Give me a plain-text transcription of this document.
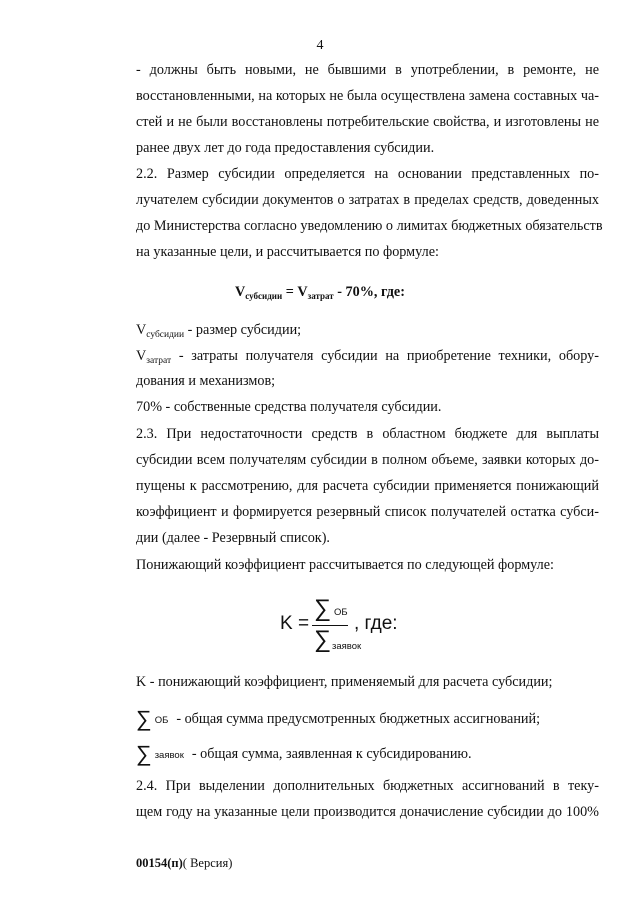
4
- должны быть новыми, не бывшими в употреблении, в ремонте, не
восстановленными, на которых не была осуществлена замена составных ча-
стей и не были восстановлены потребительские свойства, и изготовлены не
ранее двух лет до года предоставления субсидии.
2.2. Размер субсидии определяется на основании представленных по-
лучателем субсидии документов о затратах в пределах средств, доведенных
до Министерства согласно уведомлению о лимитах бюджетных обязательств
на указанные цели, и рассчитывается по формуле:
$V_{субсидии} = V_{затрат} - 70\%$, где:
$V_{субсидии}$ - размер субсидии;
$V_{затрат}$ - затраты получателя субсидии на приобретение техники, обору-
дования и механизмов;
70% - собственные средства получателя субсидии.
2.3. При недостаточности средств в областном бюджете для выплаты
субсидии всем получателям субсидии в полном объеме, заявки которых до-
пущены к рассмотрению, для расчета субсидии применяется понижающий
коэффициент и формируется резервный список получателей остатка субси-
дии (далее - Резервный список).
Понижающий коэффициент рассчитывается по следующей формуле:
K =
∑ ОБ
∑ заявок
, где:
K - понижающий коэффициент, применяемый для расчета субсидии;
∑ ОБ - общая сумма предусмотренных бюджетных ассигнований;
∑ заявок - общая сумма, заявленная к субсидированию.
2.4. При выделении дополнительных бюджетных ассигнований в теку-
щем году на указанные цели производится доначисление субсидии до 100%
00154(п)( Версия)
